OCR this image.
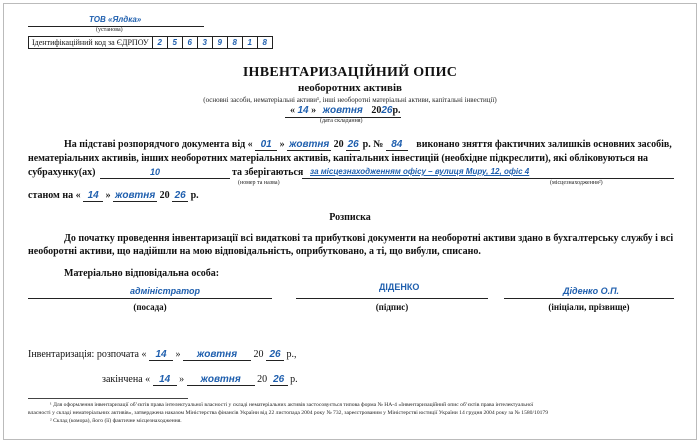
ТОВ «Ялдка»
(установа)
Ідентифікаційний код за ЄДРПОУ	2	5	6	3	9	8	1	8
ІНВЕНТАРИЗАЦІЙНИЙ ОПИС
необоротних активів
(основні засоби, нематеріальні активи¹, інші необоротні матеріальні активи, капітальні інвестиції)
« 14 » жовтня 2026р.
(дата складання)
На підставі розпорядчого документа від « 01 » жовтня 20 26 р. № 84 виконано зняття фактичних залишків основних засобів,
нематеріальних активів, інших необоротних матеріальних активів, капітальних інвестицій (необхідне підкреслити), які обліковуються на
субрахунку(ах)	10	та зберігаються за місцезнаходженням офісу – вулиця Миру, 12, офіс 4
(номер та назва)	(місцезнаходження²)
станом на « 14 » жовтня 20 26 р.
Розписка
До початку проведення інвентаризації всі видаткові та прибуткові документи на необоротні активи здано в бухгалтерську службу і всі
необоротні активи, що надійшли на мою відповідальність, оприбутковано, а ті, що вибули, списано.
Матеріально відповідальна особа:
адміністратор	ДІДЕНКО	Діденко О.П.
(посада)	(підпис)	(ініціали, прізвище)
Інвентаризація: розпочата « 14 » жовтня 20 26 р.,
закінчена « 14 » жовтня 20 26 р.
¹ Для оформлення інвентаризації об’єктів права інтелектуальної власності у складі нематеріальних активів застосовується типова форма № НА-4 «Інвентаризаційний опис об’єктів права інтелектуальної
власності у складі нематеріальних активів», затверджена наказом Міністерства фінансів України від 22 листопада 2004 року № 732, зареєстрованим у Міністерстві юстиції України 14 грудня 2004 року за № 1580/10179
² Склад (комора), його (її) фактичне місцезнаходження.
